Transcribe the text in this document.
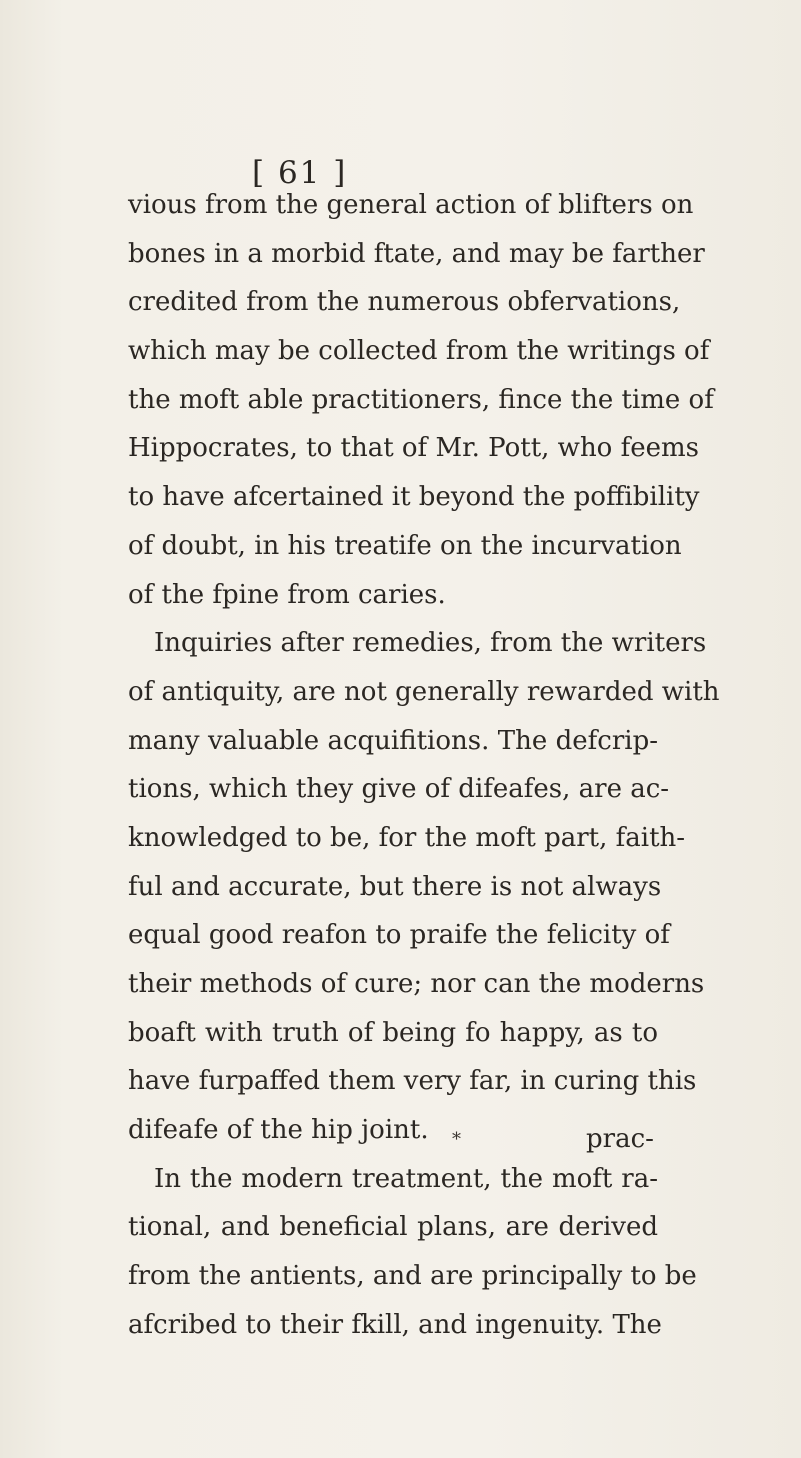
[ 61 ]
vious from the general action of blifters on
bones in a morbid ftate, and may be farther
credited from the numerous obfervations,
which may be collected from the writings of
the moft able practitioners, fince the time of
Hippocrates, to that of Mr. Pott, who feems
to have afcertained it beyond the poffibility
of doubt, in his treatife on the incurvation
of the fpine from caries.
Inquiries after remedies, from the writers
of antiquity, are not generally rewarded with
many valuable acquifitions. The defcrip-
tions, which they give of difeafes, are ac-
knowledged to be, for the moft part, faith-
ful and accurate, but there is not always
equal good reafon to praife the felicity of
their methods of cure; nor can the moderns
boaft with truth of being fo happy, as to
have furpaffed them very far, in curing this
difeafe of the hip joint.
In the modern treatment, the moft ra-
tional, and beneficial plans, are derived
from the antients, and are principally to be
afcribed to their fkill, and ingenuity. The
*	prac-
